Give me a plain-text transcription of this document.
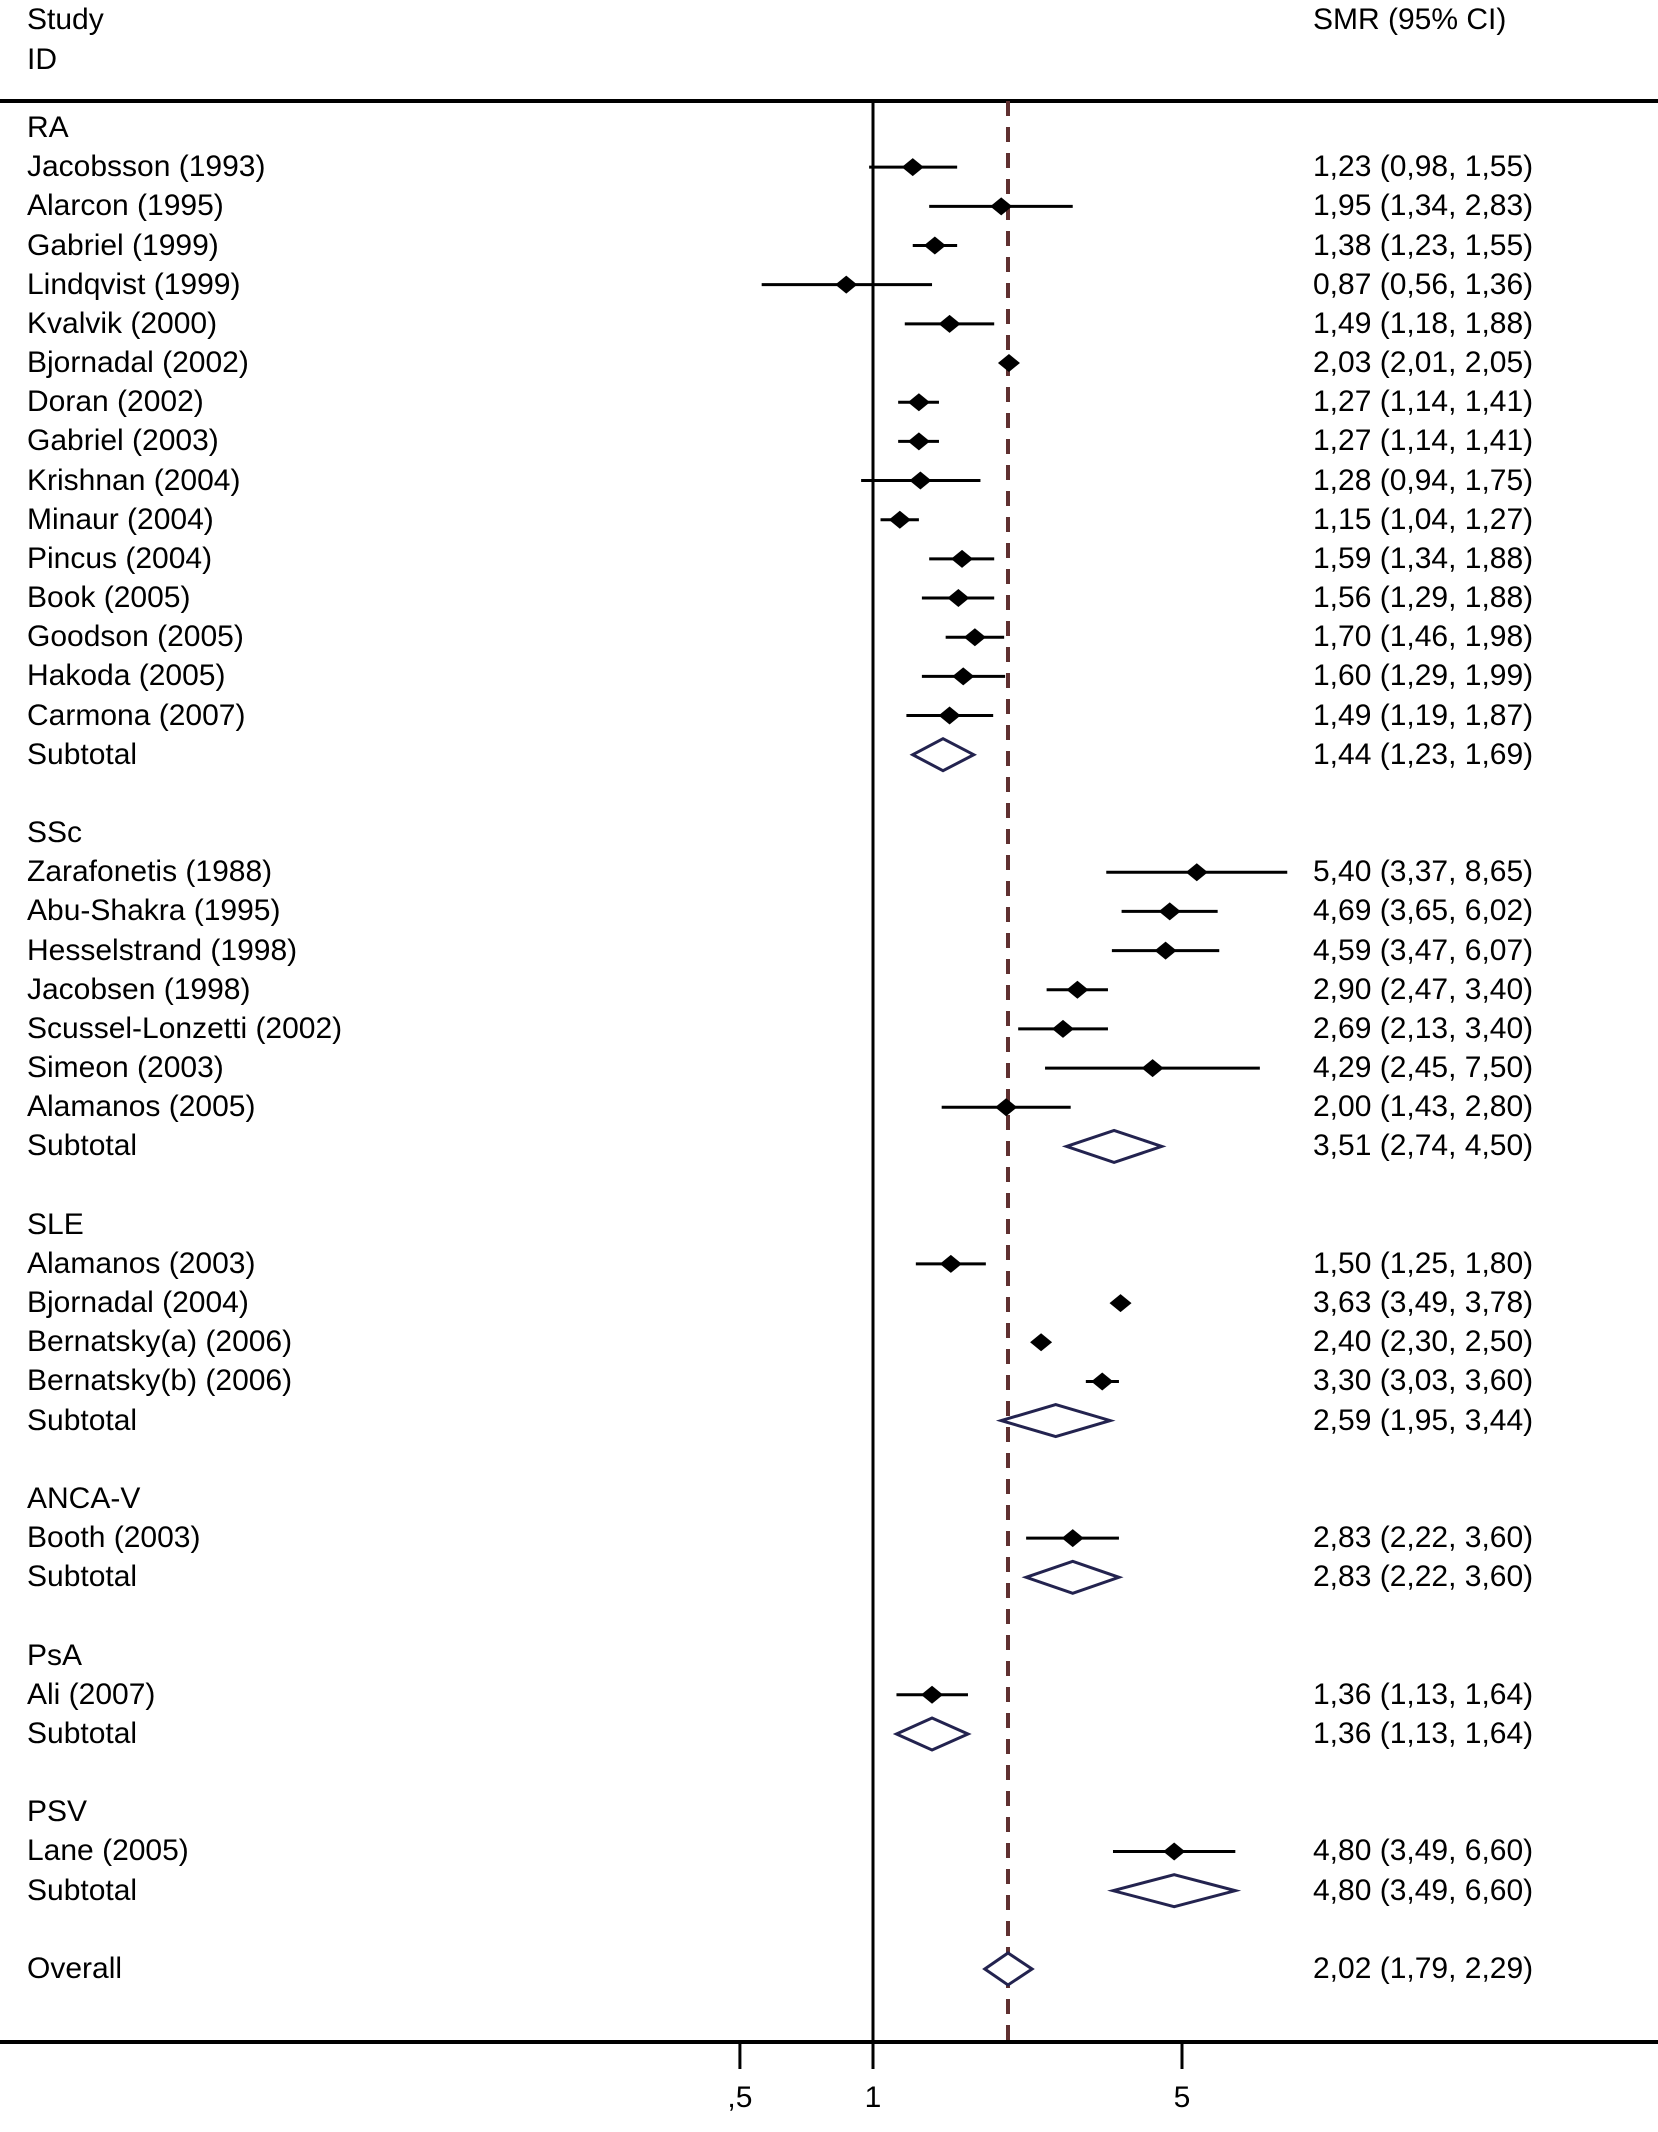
Study
ID
SMR (95% CI)
RA
Jacobsson (1993)	1,23 (0,98, 1,55)
Alarcon (1995)	1,95 (1,34, 2,83)
Gabriel (1999)	1,38 (1,23, 1,55)
Lindqvist (1999)	0,87 (0,56, 1,36)
Kvalvik (2000)	1,49 (1,18, 1,88)
Bjornadal (2002)	2,03 (2,01, 2,05)
Doran (2002)	1,27 (1,14, 1,41)
Gabriel (2003)	1,27 (1,14, 1,41)
Krishnan (2004)	1,28 (0,94, 1,75)
Minaur (2004)	1,15 (1,04, 1,27)
Pincus (2004)	1,59 (1,34, 1,88)
Book (2005)	1,56 (1,29, 1,88)
Goodson (2005)	1,70 (1,46, 1,98)
Hakoda (2005)	1,60 (1,29, 1,99)
Carmona (2007)	1,49 (1,19, 1,87)
Subtotal	1,44 (1,23, 1,69)
SSc
Zarafonetis (1988)	5,40 (3,37, 8,65)
Abu-Shakra (1995)	4,69 (3,65, 6,02)
Hesselstrand (1998)	4,59 (3,47, 6,07)
Jacobsen (1998)	2,90 (2,47, 3,40)
Scussel-Lonzetti (2002)	2,69 (2,13, 3,40)
Simeon (2003)	4,29 (2,45, 7,50)
Alamanos (2005)	2,00 (1,43, 2,80)
Subtotal	3,51 (2,74, 4,50)
SLE
Alamanos (2003)	1,50 (1,25, 1,80)
Bjornadal (2004)	3,63 (3,49, 3,78)
Bernatsky(a) (2006)	2,40 (2,30, 2,50)
Bernatsky(b) (2006)	3,30 (3,03, 3,60)
Subtotal	2,59 (1,95, 3,44)
ANCA-V
Booth (2003)	2,83 (2,22, 3,60)
Subtotal	2,83 (2,22, 3,60)
PsA
Ali (2007)	1,36 (1,13, 1,64)
Subtotal	1,36 (1,13, 1,64)
PSV
Lane (2005)	4,80 (3,49, 6,60)
Subtotal	4,80 (3,49, 6,60)
Overall	2,02 (1,79, 2,29)
,5	1	5
